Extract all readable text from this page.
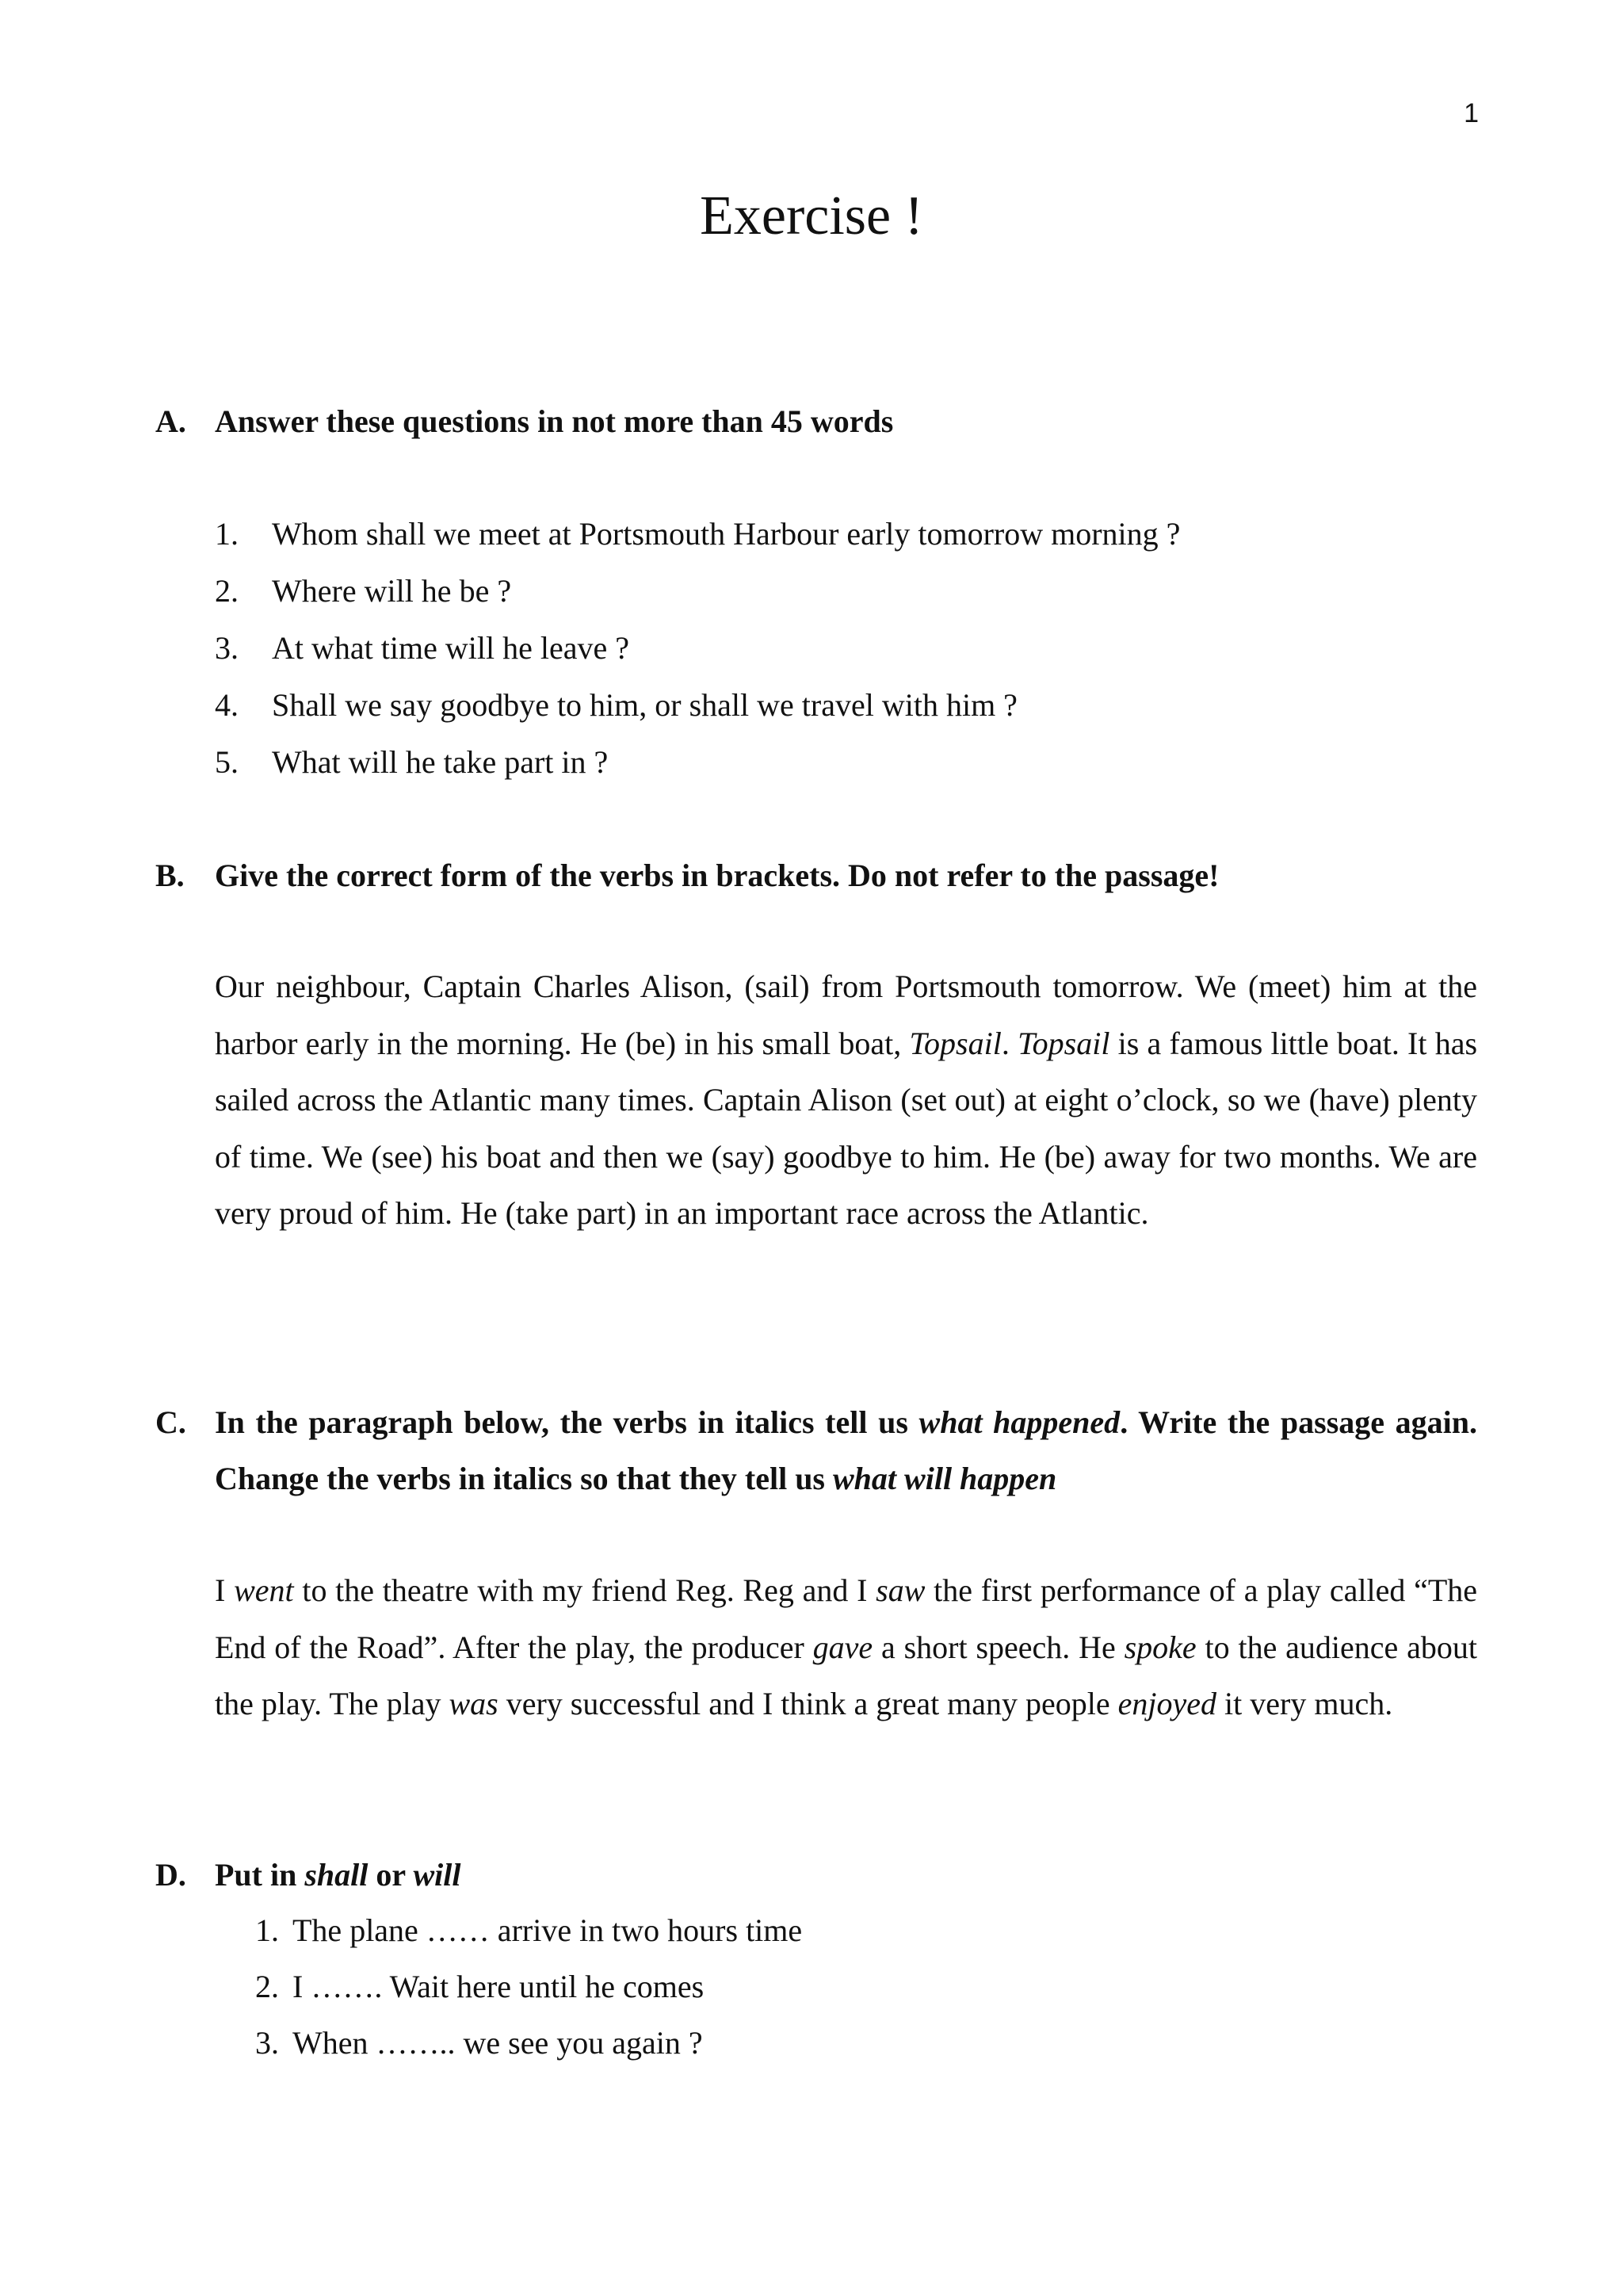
1
Exercise !
A. Answer these questions in not more than 45 words
1. Whom shall we meet at Portsmouth Harbour early tomorrow morning ?
2. Where will he be ?
3. At what time will he leave ?
4. Shall we say goodbye to him, or shall we travel with him ?
5. What will he take part in ?
B. Give the correct form of the verbs in brackets. Do not refer to the passage!

Our neighbour, Captain Charles Alison, (sail) from Portsmouth tomorrow. We (meet) him at the harbor early in the morning. He (be) in his small boat, Topsail. Topsail is a famous little boat. It has sailed across the Atlantic many times. Captain Alison (set out) at eight o’clock, so we (have) plenty of time. We (see) his boat and then we (say) goodbye to him. He (be) away for two months. We are very proud of him. He (take part) in an important race across the Atlantic.

C. In the paragraph below, the verbs in italics tell us what happened. Write the passage again. Change the verbs in italics so that they tell us what will happen

I went to the theatre with my friend Reg. Reg and I saw the first performance of a play called “The End of the Road”. After the play, the producer gave a short speech. He spoke to the audience about the play. The play was very successful and I think a great many people enjoyed it very much.

D. Put in shall or will
1. The plane …… arrive in two hours time
2. I ……. Wait here until he comes
3. When …….. we see you again ?
